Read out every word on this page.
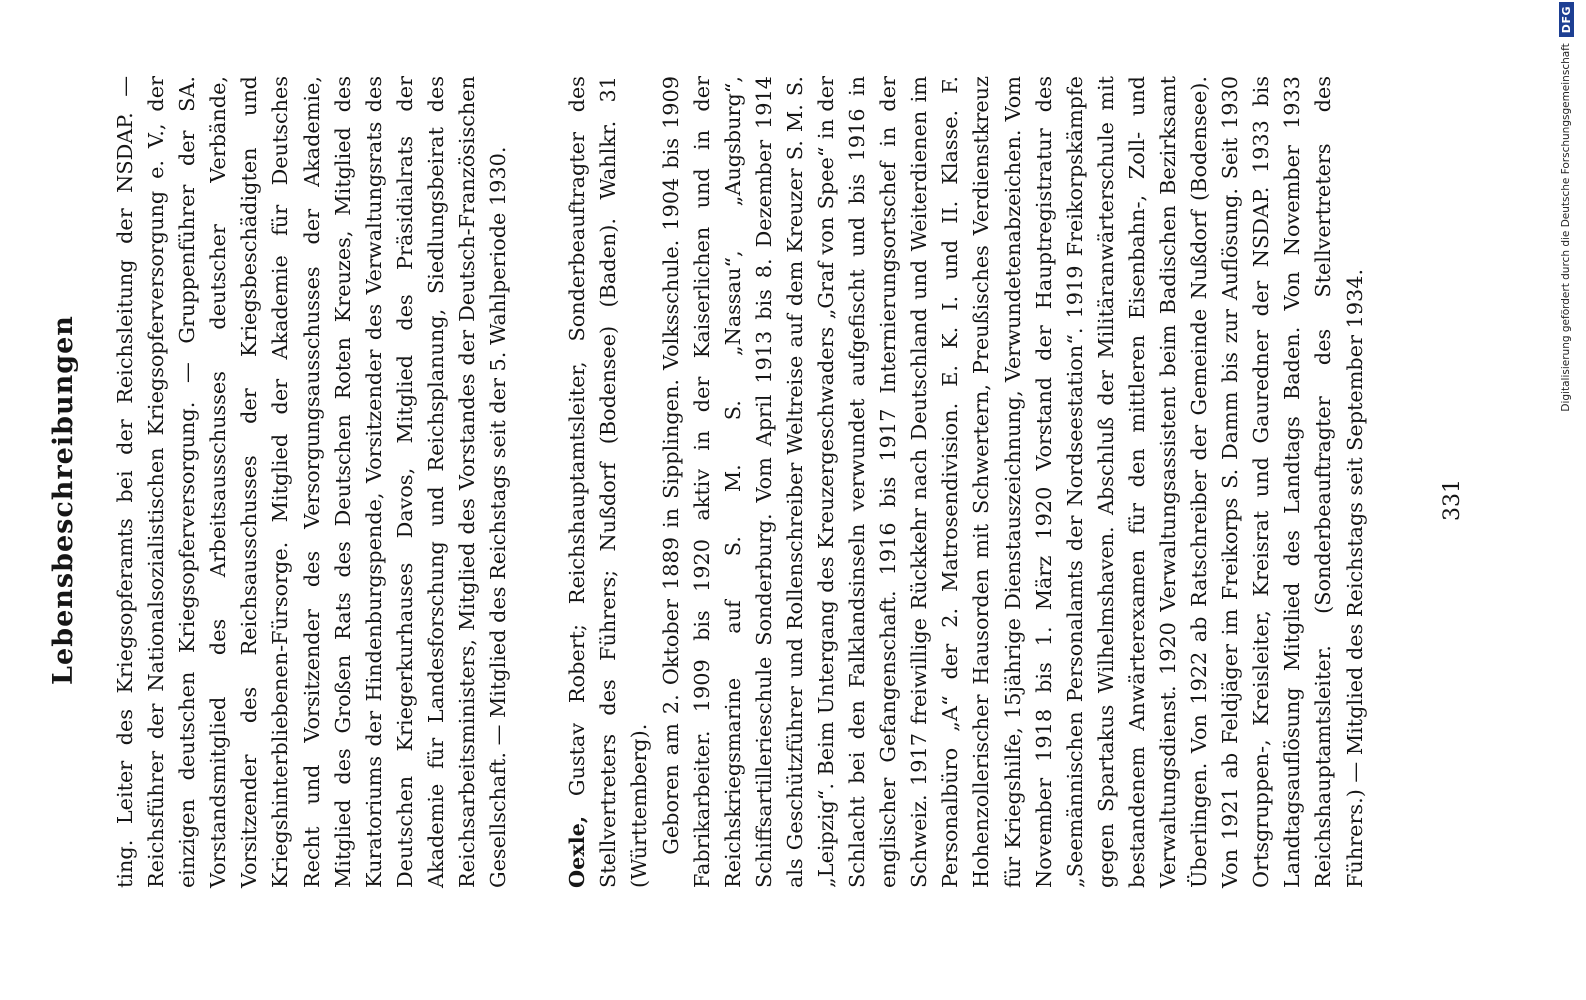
Lebensbeschreibungen ting. Leiter des Kriegsopferamts bei der Reichsleitung der NSDAP. — Reichsführer der Nationalsozialistischen Kriegsopferversorgung e. V., der einzigen deutschen Kriegsopferversorgung. — Gruppenführer der SA. Vorstandsmitglied des Arbeitsausschusses deutscher Verbände, Vorsitzender des Reichsausschusses der Kriegsbeschädigten und Kriegshinterbliebenen-Fürsorge. Mitglied der Akademie für Deutsches Recht und Vorsitzender des Versorgungsausschusses der Akademie, Mitglied des Großen Rats des Deutschen Roten Kreuzes, Mitglied des Kuratoriums der Hindenburgspende, Vorsitzender des Verwaltungsrats des Deutschen Kriegerkurhauses Davos, Mitglied des Präsidialrats der Akademie für Landesforschung und Reichsplanung, Siedlungsbeirat des Reichsarbeitsministers, Mitglied des Vorstandes der Deutsch-Französischen Gesellschaft. — Mitglied des Reichstags seit der 5. Wahlperiode 1930.	Oexle, Gustav Robert; Reichshauptamtsleiter, Sonderbeauftragter des Stellvertreters des Führers; Nußdorf (Bodensee) (Baden). Wahlkr. 31 (Württemberg). Geboren am 2. Oktober 1889 in Sipplingen. Volksschule. 1904 bis 1909 Fabrikarbeiter. 1909 bis 1920 aktiv in der Kaiserlichen und in der Reichskriegsmarine auf S. M. S. „Nassau“, „Augsburg“, Schiffsartillerieschule Sonderburg. Vom April 1913 bis 8. Dezember 1914 als Geschützführer und Rollenschreiber Weltreise auf dem Kreuzer S. M. S. „Leipzig“. Beim Untergang des Kreuzergeschwaders „Graf von Spee“ in der Schlacht bei den Falklandsinseln verwundet aufgefischt und bis 1916 in englischer Gefangenschaft. 1916 bis 1917 Internierungsortschef in der Schweiz. 1917 freiwillige Rückkehr nach Deutschland und Weiterdienen im Personalbüro „A“ der 2. Matrosendivision. E. K. I. und II. Klasse. F. Hohenzollerischer Hausorden mit Schwertern, Preußisches Verdienstkreuz für Kriegshilfe, 15jährige Dienstauszeichnung, Verwundetenabzeichen. Vom November 1918 bis 1. März 1920 Vorstand der Hauptregistratur des „Seemännischen Personalamts der Nordseestation“. 1919 Freikorpskämpfe gegen Spartakus Wilhelmshaven. Abschluß der Militäranwärterschule mit bestandenem Anwärterexamen für den mittleren Eisenbahn-, Zoll- und Verwaltungsdienst. 1920 Verwaltungsassistent beim Badischen Bezirksamt Überlingen. Von 1922 ab Ratschreiber der Gemeinde Nußdorf (Bodensee). Von 1921 ab Feldjäger im Freikorps S. Damm bis zur Auflösung. Seit 1930 Ortsgruppen-, Kreisleiter, Kreisrat und Gauredner der NSDAP. 1933 bis Landtagsauflösung Mitglied des Landtags Baden. Von November 1933 Reichshauptamtsleiter. (Sonderbeauftragter des Stellvertreters des Führers.) — Mitglied des Reichstags seit September 1934.	331
Digitalisierung gefördert durch die Deutsche Forschungsgemeinschaft
DFG
